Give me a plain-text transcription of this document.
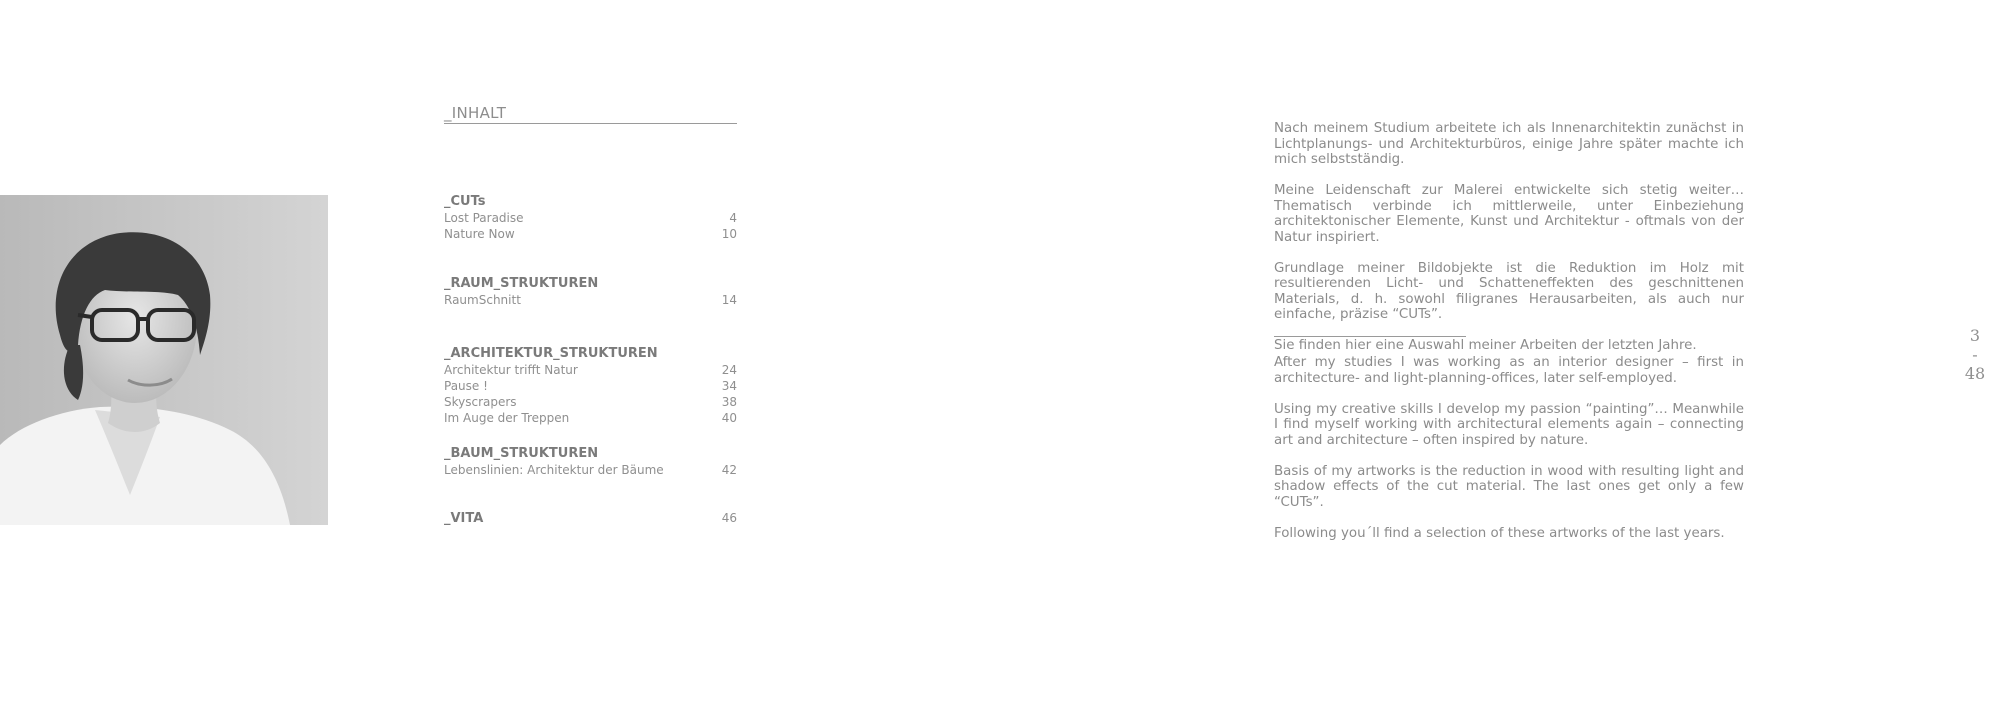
_INHALT
_CUTs
Lost Paradise	4
Nature Now	10
_RAUM_STRUKTUREN
RaumSchnitt	14
_ARCHITEKTUR_STRUKTUREN
Architektur trifft Natur	24
Pause !	34
Skyscrapers	38
Im Auge der Treppen	40
_BAUM_STRUKTUREN
Lebenslinien: Architektur der Bäume	42
_VITA	46

Nach meinem Studium arbeitete ich als Innenarchitektin zunächst in Lichtplanungs- und Architekturbüros, einige Jahre später machte ich mich selbstständig.

Meine Leidenschaft zur Malerei entwickelte sich stetig weiter… Thematisch verbinde ich mittlerweile, unter Einbeziehung architektonischer Elemente, Kunst und Architektur - oftmals von der Natur inspiriert.

Grundlage meiner Bildobjekte ist die Reduktion im Holz mit resultierenden Licht- und Schatteneffekten des geschnittenen Materials, d. h. sowohl filigranes Herausarbeiten, als auch nur einfache, präzise “CUTs”.

Sie finden hier eine Auswahl meiner Arbeiten der letzten Jahre.

After my studies I was working as an interior designer – first in architecture- and light-planning-offices, later self-employed.

Using my creative skills I develop my passion “painting”… Meanwhile I find myself working with architectural elements again – connecting art and architecture – often inspired by nature.

Basis of my artworks is the reduction in wood with resulting light and shadow effects of the cut material. The last ones get only a few “CUTs”.

Following you´ll find a selection of these artworks of the last years.

3
-
48
